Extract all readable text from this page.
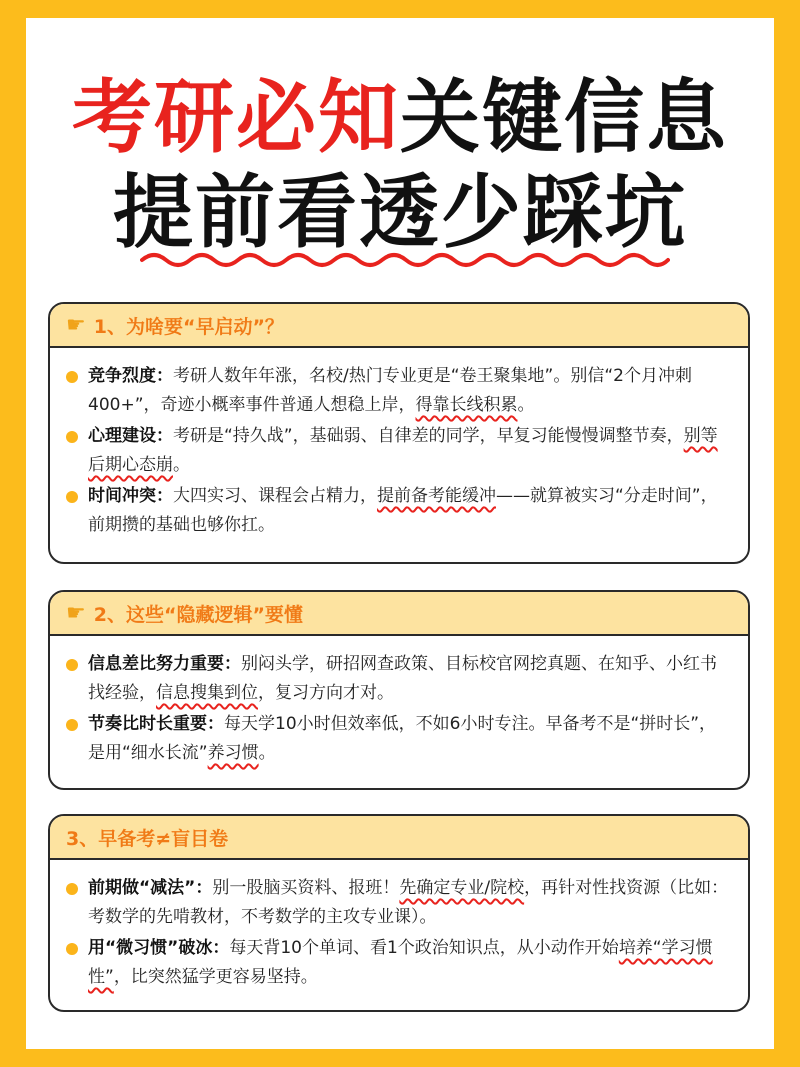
考研必知关键信息
提前看透少踩坑
☛ 1、为啥要“早启动”？
竞争烈度：考研人数年年涨，名校/热门专业更是“卷王聚集地”。别信“2个月冲刺400+”，奇迹小概率事件普通人想稳上岸，得靠长线积累。
心理建设：考研是“持久战”，基础弱、自律差的同学，早复习能慢慢调整节奏，别等后期心态崩。
时间冲突：大四实习、课程会占精力，提前备考能缓冲——就算被实习“分走时间”，前期攒的基础也够你扛。
☛ 2、这些“隐藏逻辑”要懂
信息差比努力重要：别闷头学，研招网查政策、目标校官网挖真题、在知乎、小红书找经验，信息搜集到位，复习方向才对。
节奏比时长重要：每天学10小时但效率低，不如6小时专注。早备考不是“拼时长”，是用“细水长流”养习惯。
3、早备考≠盲目卷
前期做“减法”：别一股脑买资料、报班！先确定专业/院校，再针对性找资源（比如：考数学的先啃教材，不考数学的主攻专业课）。
用“微习惯”破冰：每天背10个单词、看1个政治知识点，从小动作开始培养“学习惯性”，比突然猛学更容易坚持。
